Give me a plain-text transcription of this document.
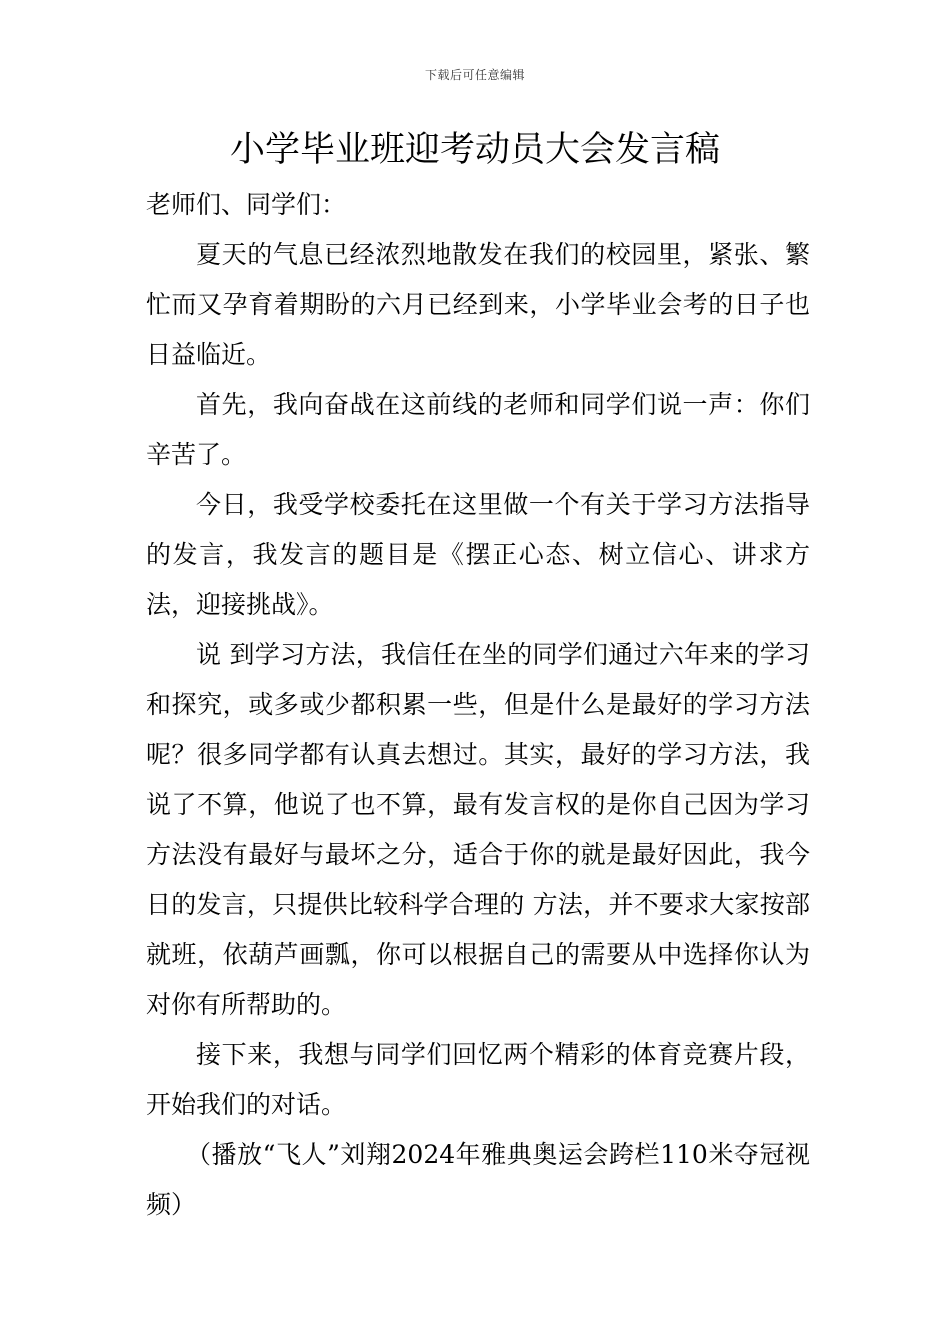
下载后可任意编辑
小学毕业班迎考动员大会发言稿

老师们、同学们：

夏天的气息已经浓烈地散发在我们的校园里，紧张、繁忙而又孕育着期盼的六月已经到来，小学毕业会考的日子也日益临近。

首先，我向奋战在这前线的老师和同学们说一声：你们辛苦了。

今日，我受学校委托在这里做一个有关于学习方法指导的发言，我发言的题目是《摆正心态、树立信心、讲求方法，迎接挑战》。

说 到学习方法，我信任在坐的同学们通过六年来的学习和探究，或多或少都积累一些，但是什么是最好的学习方法呢？很多同学都有认真去想过。其实，最好的学习方法，我说了不算，他说了也不算，最有发言权的是你自己因为学习方法没有最好与最坏之分，适合于你的就是最好因此，我今日的发言，只提供比较科学合理的 方法，并不要求大家按部就班，依葫芦画瓢，你可以根据自己的需要从中选择你认为对你有所帮助的。

接下来，我想与同学们回忆两个精彩的体育竞赛片段，开始我们的对话。

（播放“飞人”刘翔2024年雅典奥运会跨栏110米夺冠视频）
